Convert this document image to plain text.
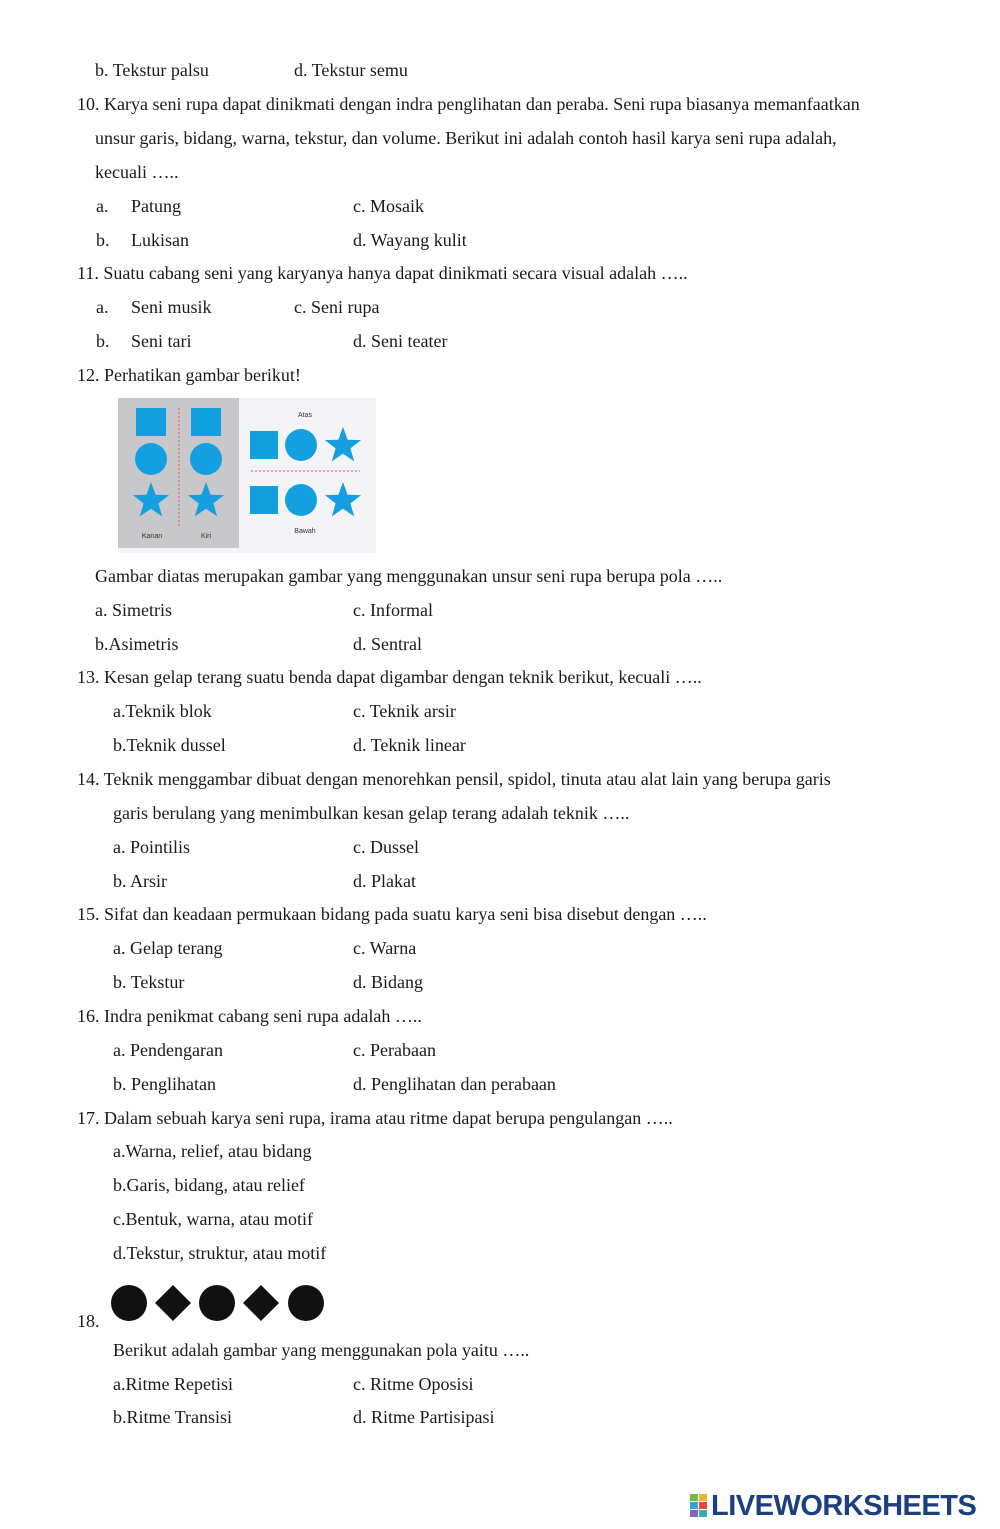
b. Tekstur palsu	d. Tekstur semu
10. Karya seni rupa dapat dinikmati dengan indra penglihatan dan peraba. Seni rupa biasanya memanfaatkan
unsur garis, bidang, warna, tekstur, dan volume. Berikut ini adalah contoh hasil karya seni rupa adalah,
kecuali …..
a. Patung	c. Mosaik
b. Lukisan	d. Wayang kulit
11. Suatu cabang seni yang karyanya hanya dapat dinikmati secara visual adalah …..
a. Seni musik	c. Seni rupa
b. Seni tari	d. Seni teater
12. Perhatikan gambar berikut!
Kanan	Kiri
Atas
Bawah
Gambar diatas merupakan gambar yang menggunakan unsur seni rupa berupa pola …..
a. Simetris	c. Informal
b.Asimetris	d. Sentral
13. Kesan gelap terang suatu benda dapat digambar dengan teknik berikut, kecuali …..
a.Teknik blok	c. Teknik arsir
b.Teknik dussel	d. Teknik linear
14. Teknik menggambar dibuat dengan menorehkan pensil, spidol, tinuta atau alat lain yang berupa garis
garis berulang yang menimbulkan kesan gelap terang adalah teknik …..
a. Pointilis	c. Dussel
b. Arsir	d. Plakat
15. Sifat dan keadaan permukaan bidang pada suatu karya seni bisa disebut dengan …..
a. Gelap terang	c. Warna
b. Tekstur	d. Bidang
16. Indra penikmat cabang seni rupa adalah …..
a. Pendengaran	c. Perabaan
b. Penglihatan	d. Penglihatan dan perabaan
17. Dalam sebuah karya seni rupa, irama atau ritme dapat berupa pengulangan …..
a.Warna, relief, atau bidang
b.Garis, bidang, atau relief
c.Bentuk, warna, atau motif
d.Tekstur, struktur, atau motif
18.
Berikut adalah gambar yang menggunakan pola yaitu …..
a.Ritme Repetisi	c. Ritme Oposisi
b.Ritme Transisi	d. Ritme Partisipasi
LIVEWORKSHEETS
